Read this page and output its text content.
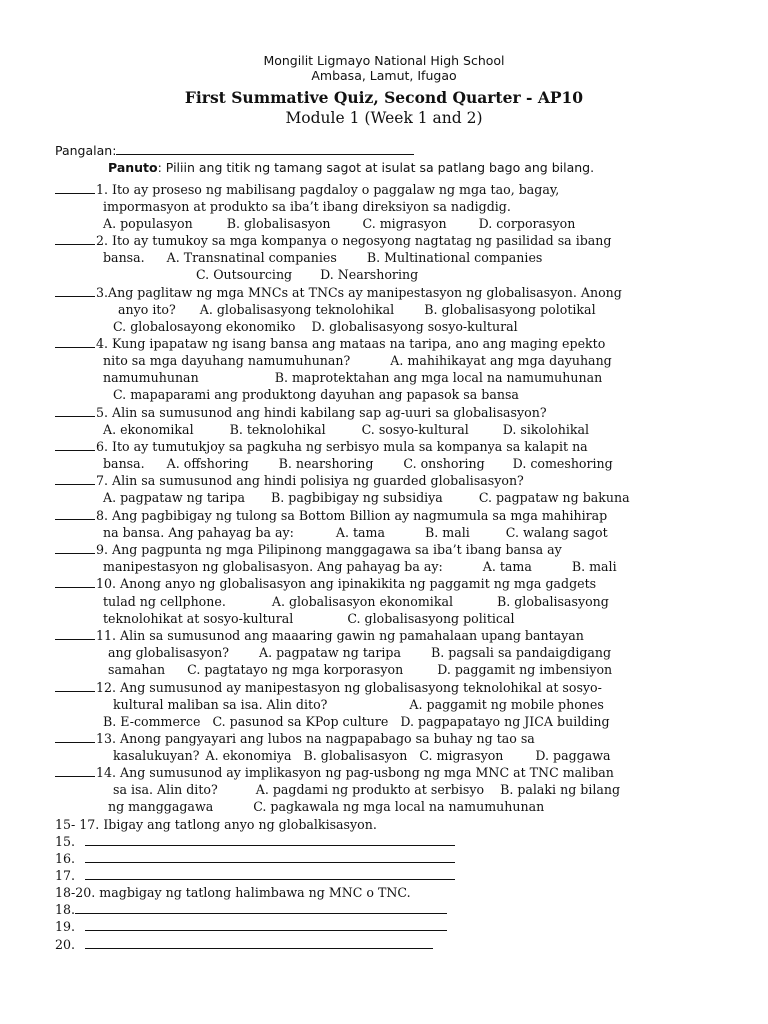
Mongilit Ligmayo National High School
Ambasa, Lamut, Ifugao
First Summative Quiz, Second Quarter - AP10
Module 1 (Week 1 and 2)
Pangalan:
Panuto: Piliin ang titik ng tamang sagot at isulat sa patlang bago ang bilang.
1. Ito ay proseso ng mabilisang pagdaloy o paggalaw ng mga tao, bagay,
impormasyon at produkto sa iba’t ibang direksiyon sa nadigdig.
A. populasyon	B. globalisasyon	C. migrasyon	D. corporasyon
2. Ito ay tumukoy sa mga kompanya o negosyong nagtatag ng pasilidad sa ibang
bansa. A. Transnatinal companies B. Multinational companies
C. Outsourcing D. Nearshoring
3.Ang paglitaw ng mga MNCs at TNCs ay manipestasyon ng globalisasyon. Anong
anyo ito? A. globalisasyong teknolohikal B. globalisasyong polotikal
C. globalosayong ekonomiko D. globalisasyong sosyo-kultural
4. Kung ipapataw ng isang bansa ang mataas na taripa, ano ang maging epekto
nito sa mga dayuhang namumuhunan?	A. mahihikayat ang mga dayuhang
namumuhunan	B. maprotektahan ang mga local na namumuhunan
C. mapaparami ang produktong dayuhan ang papasok sa bansa
5. Alin sa sumusunod ang hindi kabilang sap ag-uuri sa globalisasyon?
A. ekonomikal	B. teknolohikal	C. sosyo-kultural	D. sikolohikal
6. Ito ay tumutukjoy sa pagkuha ng serbisyo mula sa kompanya sa kalapit na
bansa. A. offshoring B. nearshoring C. onshoring D. comeshoring
7. Alin sa sumusunod ang hindi polisiya ng guarded globalisasyon?
A. pagpataw ng taripa B. pagbibigay ng subsidiya	C. pagpataw ng bakuna
8. Ang pagbibigay ng tulong sa Bottom Billion ay nagmumula sa mga mahihirap
na bansa. Ang pahayag ba ay:	A. tama	B. mali	C. walang sagot
9. Ang pagpunta ng mga Pilipinong manggagawa sa iba’t ibang bansa ay
manipestasyon ng globalisasyon. Ang pahayag ba ay:	A. tama	B. mali
10. Anong anyo ng globalisasyon ang ipinakikita ng paggamit ng mga gadgets
tulad ng cellphone.	A. globalisasyon ekonomikal	B. globalisasyong
teknolohikat at sosyo-kultural	C. globalisasyong political
11. Alin sa sumusunod ang maaaring gawin ng pamahalaan upang bantayan
ang globalisasyon? A. pagpataw ng taripa B. pagsali sa pandaigdigang
samahan C. pagtatayo ng mga korporasyon	D. paggamit ng imbensiyon
12. Ang sumusunod ay manipestasyon ng globalisasyong teknolohikal at sosyo-
kultural maliban sa isa. Alin dito?	A. paggamit ng mobile phones
B. E-commerce C. pasunod sa KPop culture D. pagpapatayo ng JICA building
13. Anong pangyayari ang lubos na nagpapabago sa buhay ng tao sa
kasalukuyan? A. ekonomiya B. globalisasyon C. migrasyon	D. paggawa
14. Ang sumusunod ay implikasyon ng pag-usbong ng mga MNC at TNC maliban
sa isa. Alin dito?	A. pagdami ng produkto at serbisyo B. palaki ng bilang
ng manggagawa	C. pagkawala ng mga local na namumuhunan
15- 17. Ibigay ang tatlong anyo ng globalkisasyon.
15.
16.
17.
18-20. magbigay ng tatlong halimbawa ng MNC o TNC.
18.
19.
20.
